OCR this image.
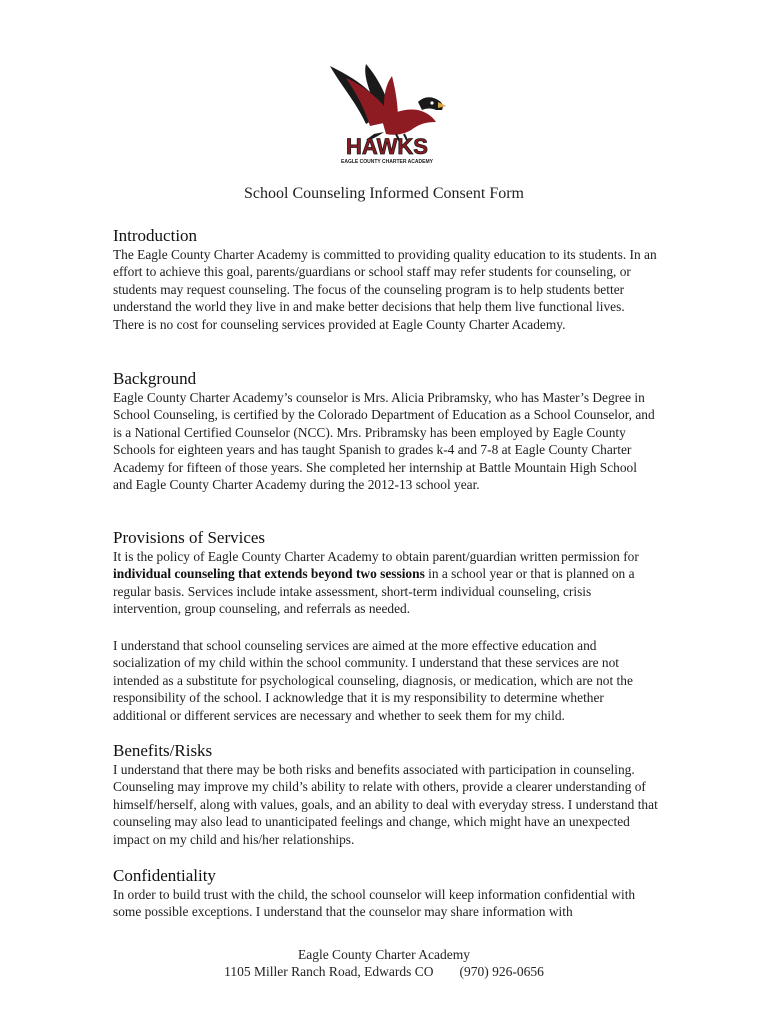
HAWKS
EAGLE COUNTY CHARTER ACADEMY
School Counseling Informed Consent Form
Introduction

The Eagle County Charter Academy is committed to providing quality education to its students. In an effort to achieve this goal, parents/guardians or school staff may refer students for counseling, or students may request counseling. The focus of the counseling program is to help students better understand the world they live in and make better decisions that help them live functional lives. There is no cost for counseling services provided at Eagle County Charter Academy.

Background

Eagle County Charter Academy’s counselor is Mrs. Alicia Pribramsky, who has Master’s Degree in School Counseling, is certified by the Colorado Department of Education as a School Counselor, and is a National Certified Counselor (NCC). Mrs. Pribramsky has been employed by Eagle County Schools for eighteen years and has taught Spanish to grades k-4 and 7-8 at Eagle County Charter Academy for fifteen of those years. She completed her internship at Battle Mountain High School and Eagle County Charter Academy during the 2012-13 school year.

Provisions of Services

It is the policy of Eagle County Charter Academy to obtain parent/guardian written permission for individual counseling that extends beyond two sessions in a school year or that is planned on a regular basis. Services include intake assessment, short-term individual counseling, crisis intervention, group counseling, and referrals as needed.

I understand that school counseling services are aimed at the more effective education and socialization of my child within the school community. I understand that these services are not intended as a substitute for psychological counseling, diagnosis, or medication, which are not the responsibility of the school. I acknowledge that it is my responsibility to determine whether additional or different services are necessary and whether to seek them for my child.

Benefits/Risks

I understand that there may be both risks and benefits associated with participation in counseling. Counseling may improve my child’s ability to relate with others, provide a clearer understanding of himself/herself, along with values, goals, and an ability to deal with everyday stress. I understand that counseling may also lead to unanticipated feelings and change, which might have an unexpected impact on my child and his/her relationships.

Confidentiality

In order to build trust with the child, the school counselor will keep information confidential with some possible exceptions. I understand that the counselor may share information with

Eagle County Charter Academy
1105 Miller Ranch Road, Edwards CO (970) 926-0656
